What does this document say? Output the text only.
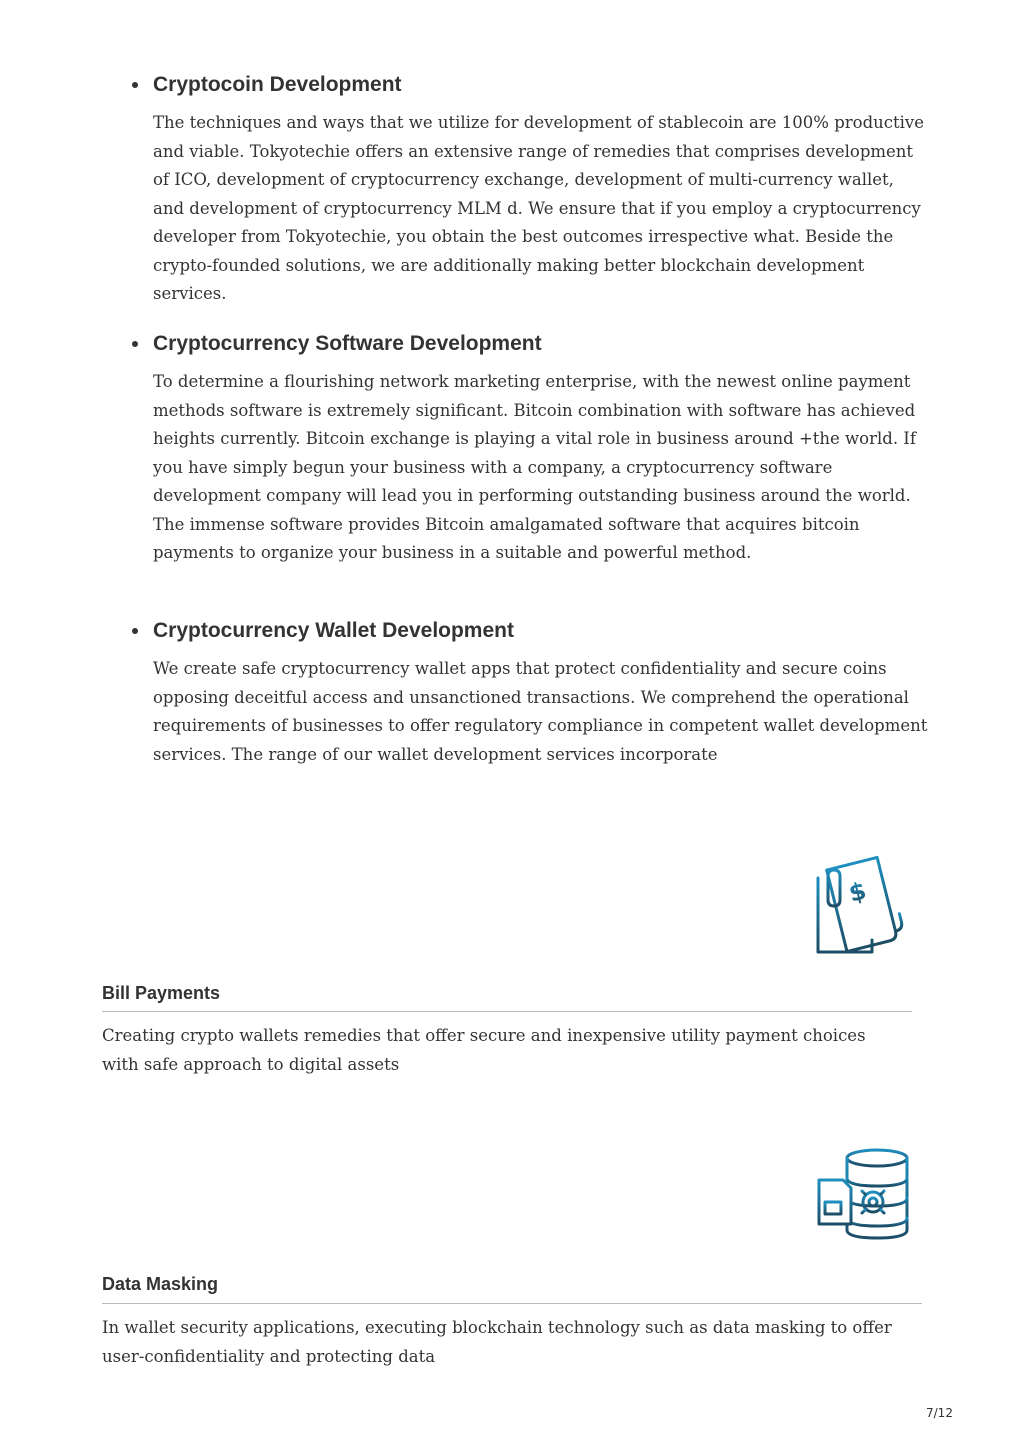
Cryptocoin Development

The techniques and ways that we utilize for development of stablecoin are 100% productive and viable. Tokyotechie offers an extensive range of remedies that comprises development of ICO, development of cryptocurrency exchange, development of multi-currency wallet, and development of cryptocurrency MLM d. We ensure that if you employ a cryptocurrency developer from Tokyotechie, you obtain the best outcomes irrespective what. Beside the crypto-founded solutions, we are additionally making better blockchain development services.

Cryptocurrency Software Development

To determine a flourishing network marketing enterprise, with the newest online payment methods software is extremely significant. Bitcoin combination with software has achieved heights currently. Bitcoin exchange is playing a vital role in business around +the world. If you have simply begun your business with a company, a cryptocurrency software development company will lead you in performing outstanding business around the world. The immense software provides Bitcoin amalgamated software that acquires bitcoin payments to organize your business in a suitable and powerful method.

Cryptocurrency Wallet Development

We create safe cryptocurrency wallet apps that protect confidentiality and secure coins opposing deceitful access and unsanctioned transactions. We comprehend the operational requirements of businesses to offer regulatory compliance in competent wallet development services. The range of our wallet development services incorporate

$
Bill Payments

Creating crypto wallets remedies that offer secure and inexpensive utility payment choices with safe approach to digital assets

Data Masking

In wallet security applications, executing blockchain technology such as data masking to offer user-confidentiality and protecting data

7/12
